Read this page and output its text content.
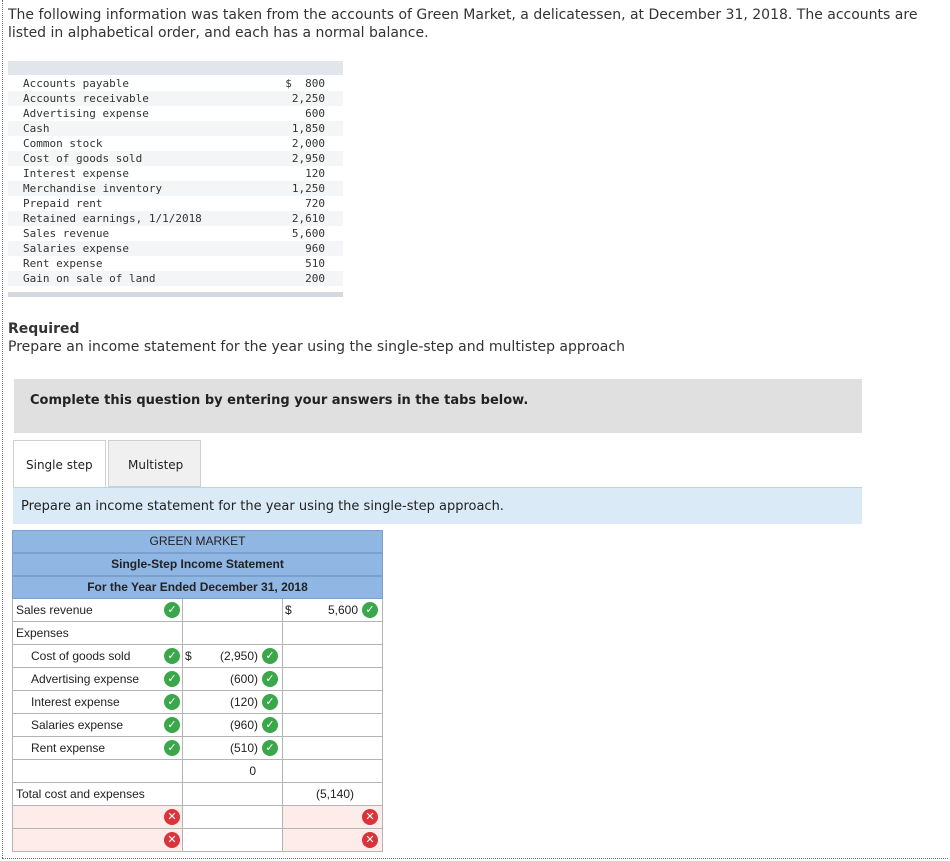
The following information was taken from the accounts of Green Market, a delicatessen, at December 31, 2018. The accounts are listed in alphabetical order, and each has a normal balance.
Accounts payable	$  800
Accounts receivable	2,250
Advertising expense	600
Cash	1,850
Common stock	2,000
Cost of goods sold	2,950
Interest expense	120
Merchandise inventory	1,250
Prepaid rent	720
Retained earnings, 1/1/2018	2,610
Sales revenue	5,600
Salaries expense	960
Rent expense	510
Gain on sale of land	200
Required
Prepare an income statement for the year using the single-step and multistep approach
Complete this question by entering your answers in the tabs below.
Single step	Multistep
Prepare an income statement for the year using the single-step approach.
GREEN MARKET
Single-Step Income Statement
For the Year Ended December 31, 2018
Sales revenue	✓	$	5,600 ✓
Expenses
Cost of goods sold	✓ $ (2,950) ✓
Advertising expense	✓	(600) ✓
Interest expense	✓	(120) ✓
Salaries expense	✓	(960) ✓
Rent expense	✓	(510) ✓
0
Total cost and expenses	(5,140)
✕	✕
✕	✕
